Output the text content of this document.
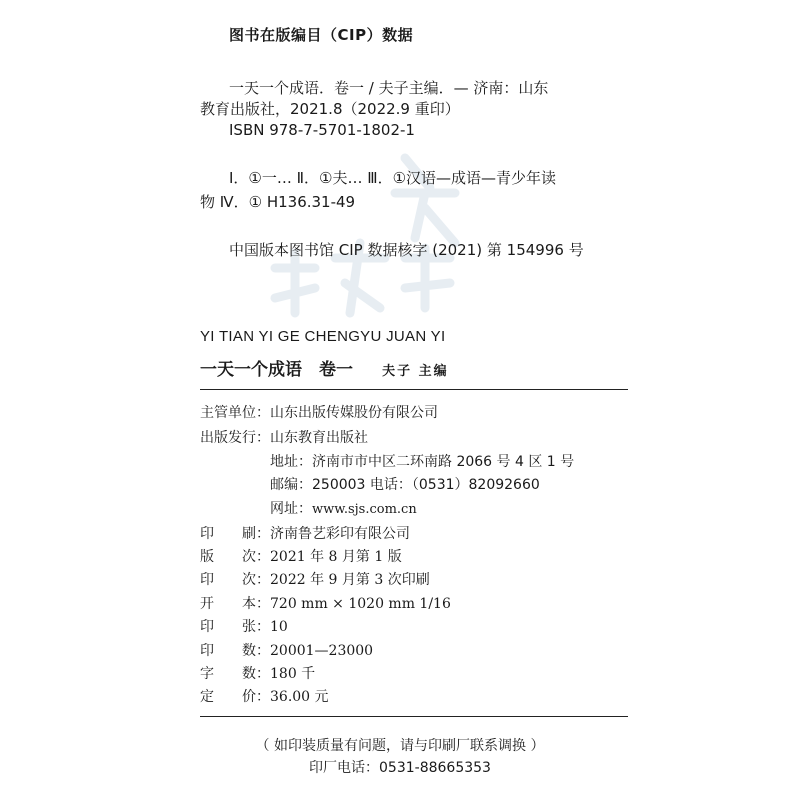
图书在版编目（CIP）数据
一天一个成语．卷一 / 夫子主编．— 济南：山东
教育出版社，2021.8（2022.9 重印）
ISBN 978-7-5701-1802-1
Ⅰ．①一… Ⅱ．①夫… Ⅲ．①汉语—成语—青少年读
物 Ⅳ．① H136.31-49
中国版本图书馆 CIP 数据核字 (2021) 第 154996 号
YI TIAN YI GE CHENGYU JUAN YI
一天一个成语　卷一 夫子 主编
主管单位：山东出版传媒股份有限公司
出版发行：山东教育出版社
地址：济南市市中区二环南路 2066 号 4 区 1 号
邮编：250003 电话：（0531）82092660
网址：www.sjs.com.cn
印　　刷：济南鲁艺彩印有限公司
版　　次：2021 年 8 月第 1 版
印　　次：2022 年 9 月第 3 次印刷
开　　本：720 mm × 1020 mm 1/16
印　　张：10
印　　数：20001—23000
字　　数：180 千
定　　价：36.00 元
（ 如印装质量有问题，请与印刷厂联系调换 ）
印厂电话：0531-88665353
